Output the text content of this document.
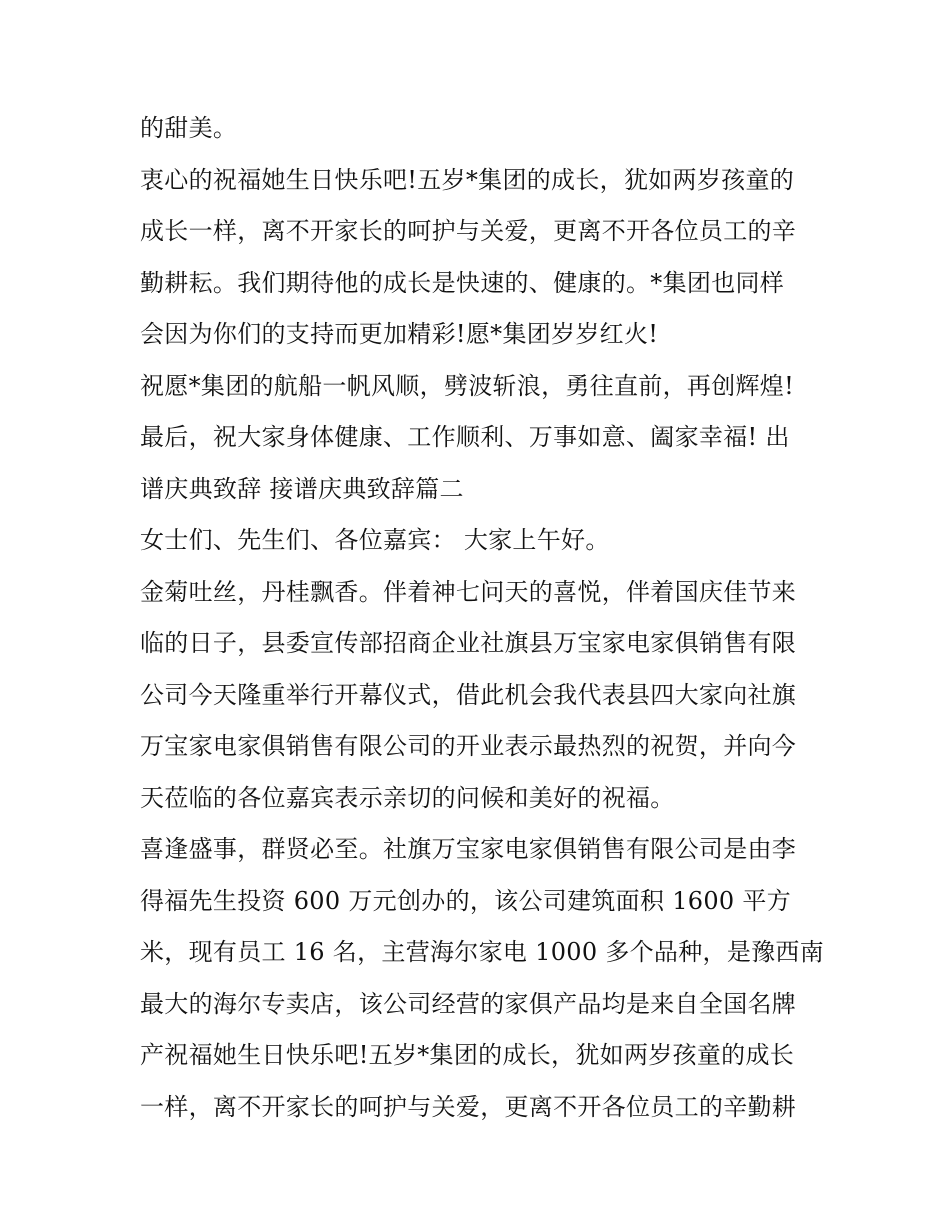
的甜美。
衷心的祝福她生日快乐吧!五岁*集团的成长，犹如两岁孩童的
成长一样，离不开家长的呵护与关爱，更离不开各位员工的辛
勤耕耘。我们期待他的成长是快速的、健康的。*集团也同样
会因为你们的支持而更加精彩!愿*集团岁岁红火!
祝愿*集团的航船一帆风顺，劈波斩浪，勇往直前，再创辉煌!
最后，祝大家身体健康、工作顺利、万事如意、阖家幸福! 出
谱庆典致辞 接谱庆典致辞篇二
女士们、先生们、各位嘉宾： 大家上午好。
金菊吐丝，丹桂飘香。伴着神七问天的喜悦，伴着国庆佳节来
临的日子，县委宣传部招商企业社旗县万宝家电家俱销售有限
公司今天隆重举行开幕仪式，借此机会我代表县四大家向社旗
万宝家电家俱销售有限公司的开业表示最热烈的祝贺，并向今
天莅临的各位嘉宾表示亲切的问候和美好的祝福。
喜逢盛事，群贤必至。社旗万宝家电家俱销售有限公司是由李
得福先生投资 600 万元创办的，该公司建筑面积 1600 平方
米，现有员工 16 名，主营海尔家电 1000 多个品种，是豫西南
最大的海尔专卖店，该公司经营的家俱产品均是来自全国名牌
产祝福她生日快乐吧!五岁*集团的成长，犹如两岁孩童的成长
一样，离不开家长的呵护与关爱，更离不开各位员工的辛勤耕
